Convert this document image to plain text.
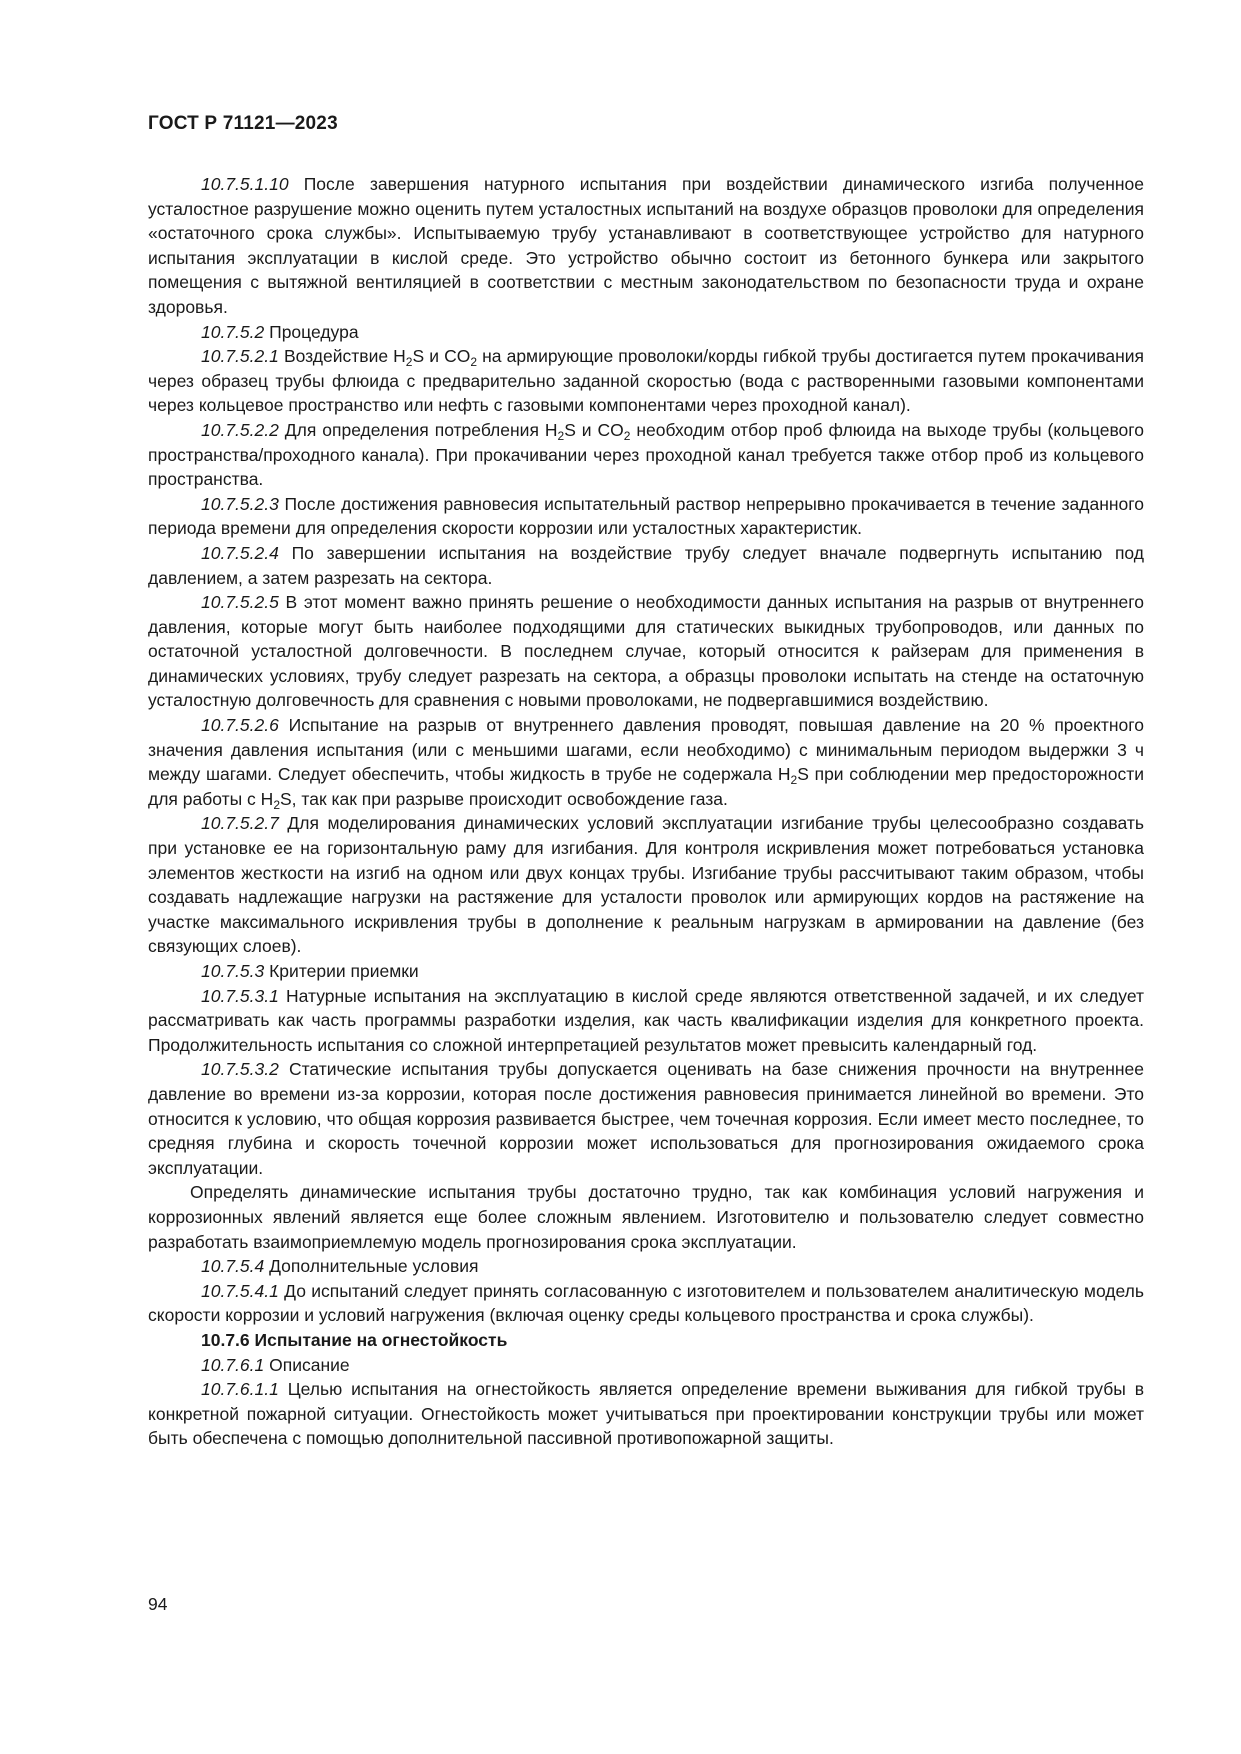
ГОСТ Р 71121—2023

10.7.5.1.10 После завершения натурного испытания при воздействии динамического изгиба полученное усталостное разрушение можно оценить путем усталостных испытаний на воздухе образцов проволоки для определения «остаточного срока службы». Испытываемую трубу устанавливают в соответствующее устройство для натурного испытания эксплуатации в кислой среде. Это устройство обычно состоит из бетонного бункера или закрытого помещения с вытяжной вентиляцией в соответствии с местным законодательством по безопасности труда и охране здоровья.

10.7.5.2 Процедура

10.7.5.2.1 Воздействие $H_2S$ и $CO_2$ на армирующие проволоки/корды гибкой трубы достигается путем прокачивания через образец трубы флюида с предварительно заданной скоростью (вода с растворенными газовыми компонентами через кольцевое пространство или нефть с газовыми компонентами через проходной канал).

10.7.5.2.2 Для определения потребления $H_2S$ и $CO_2$ необходим отбор проб флюида на выходе трубы (кольцевого пространства/проходного канала). При прокачивании через проходной канал требуется также отбор проб из кольцевого пространства.

10.7.5.2.3 После достижения равновесия испытательный раствор непрерывно прокачивается в течение заданного периода времени для определения скорости коррозии или усталостных характеристик.

10.7.5.2.4 По завершении испытания на воздействие трубу следует вначале подвергнуть испытанию под давлением, а затем разрезать на сектора.

10.7.5.2.5 В этот момент важно принять решение о необходимости данных испытания на разрыв от внутреннего давления, которые могут быть наиболее подходящими для статических выкидных трубопроводов, или данных по остаточной усталостной долговечности. В последнем случае, который относится к райзерам для применения в динамических условиях, трубу следует разрезать на сектора, а образцы проволоки испытать на стенде на остаточную усталостную долговечность для сравнения с новыми проволоками, не подвергавшимися воздействию.

10.7.5.2.6 Испытание на разрыв от внутреннего давления проводят, повышая давление на 20 % проектного значения давления испытания (или с меньшими шагами, если необходимо) с минимальным периодом выдержки 3 ч между шагами. Следует обеспечить, чтобы жидкость в трубе не содержала $H_2S$ при соблюдении мер предосторожности для работы с $H_2S$, так как при разрыве происходит освобождение газа.

10.7.5.2.7 Для моделирования динамических условий эксплуатации изгибание трубы целесообразно создавать при установке ее на горизонтальную раму для изгибания. Для контроля искривления может потребоваться установка элементов жесткости на изгиб на одном или двух концах трубы. Изгибание трубы рассчитывают таким образом, чтобы создавать надлежащие нагрузки на растяжение для усталости проволок или армирующих кордов на растяжение на участке максимального искривления трубы в дополнение к реальным нагрузкам в армировании на давление (без связующих слоев).

10.7.5.3 Критерии приемки

10.7.5.3.1 Натурные испытания на эксплуатацию в кислой среде являются ответственной задачей, и их следует рассматривать как часть программы разработки изделия, как часть квалификации изделия для конкретного проекта. Продолжительность испытания со сложной интерпретацией результатов может превысить календарный год.

10.7.5.3.2 Статические испытания трубы допускается оценивать на базе снижения прочности на внутреннее давление во времени из-за коррозии, которая после достижения равновесия принимается линейной во времени. Это относится к условию, что общая коррозия развивается быстрее, чем точечная коррозия. Если имеет место последнее, то средняя глубина и скорость точечной коррозии может использоваться для прогнозирования ожидаемого срока эксплуатации.

Определять динамические испытания трубы достаточно трудно, так как комбинация условий нагружения и коррозионных явлений является еще более сложным явлением. Изготовителю и пользователю следует совместно разработать взаимоприемлемую модель прогнозирования срока эксплуатации.

10.7.5.4 Дополнительные условия

10.7.5.4.1 До испытаний следует принять согласованную с изготовителем и пользователем аналитическую модель скорости коррозии и условий нагружения (включая оценку среды кольцевого пространства и срока службы).

10.7.6 Испытание на огнестойкость

10.7.6.1 Описание

10.7.6.1.1 Целью испытания на огнестойкость является определение времени выживания для гибкой трубы в конкретной пожарной ситуации. Огнестойкость может учитываться при проектировании конструкции трубы или может быть обеспечена с помощью дополнительной пассивной противопожарной защиты.

94
